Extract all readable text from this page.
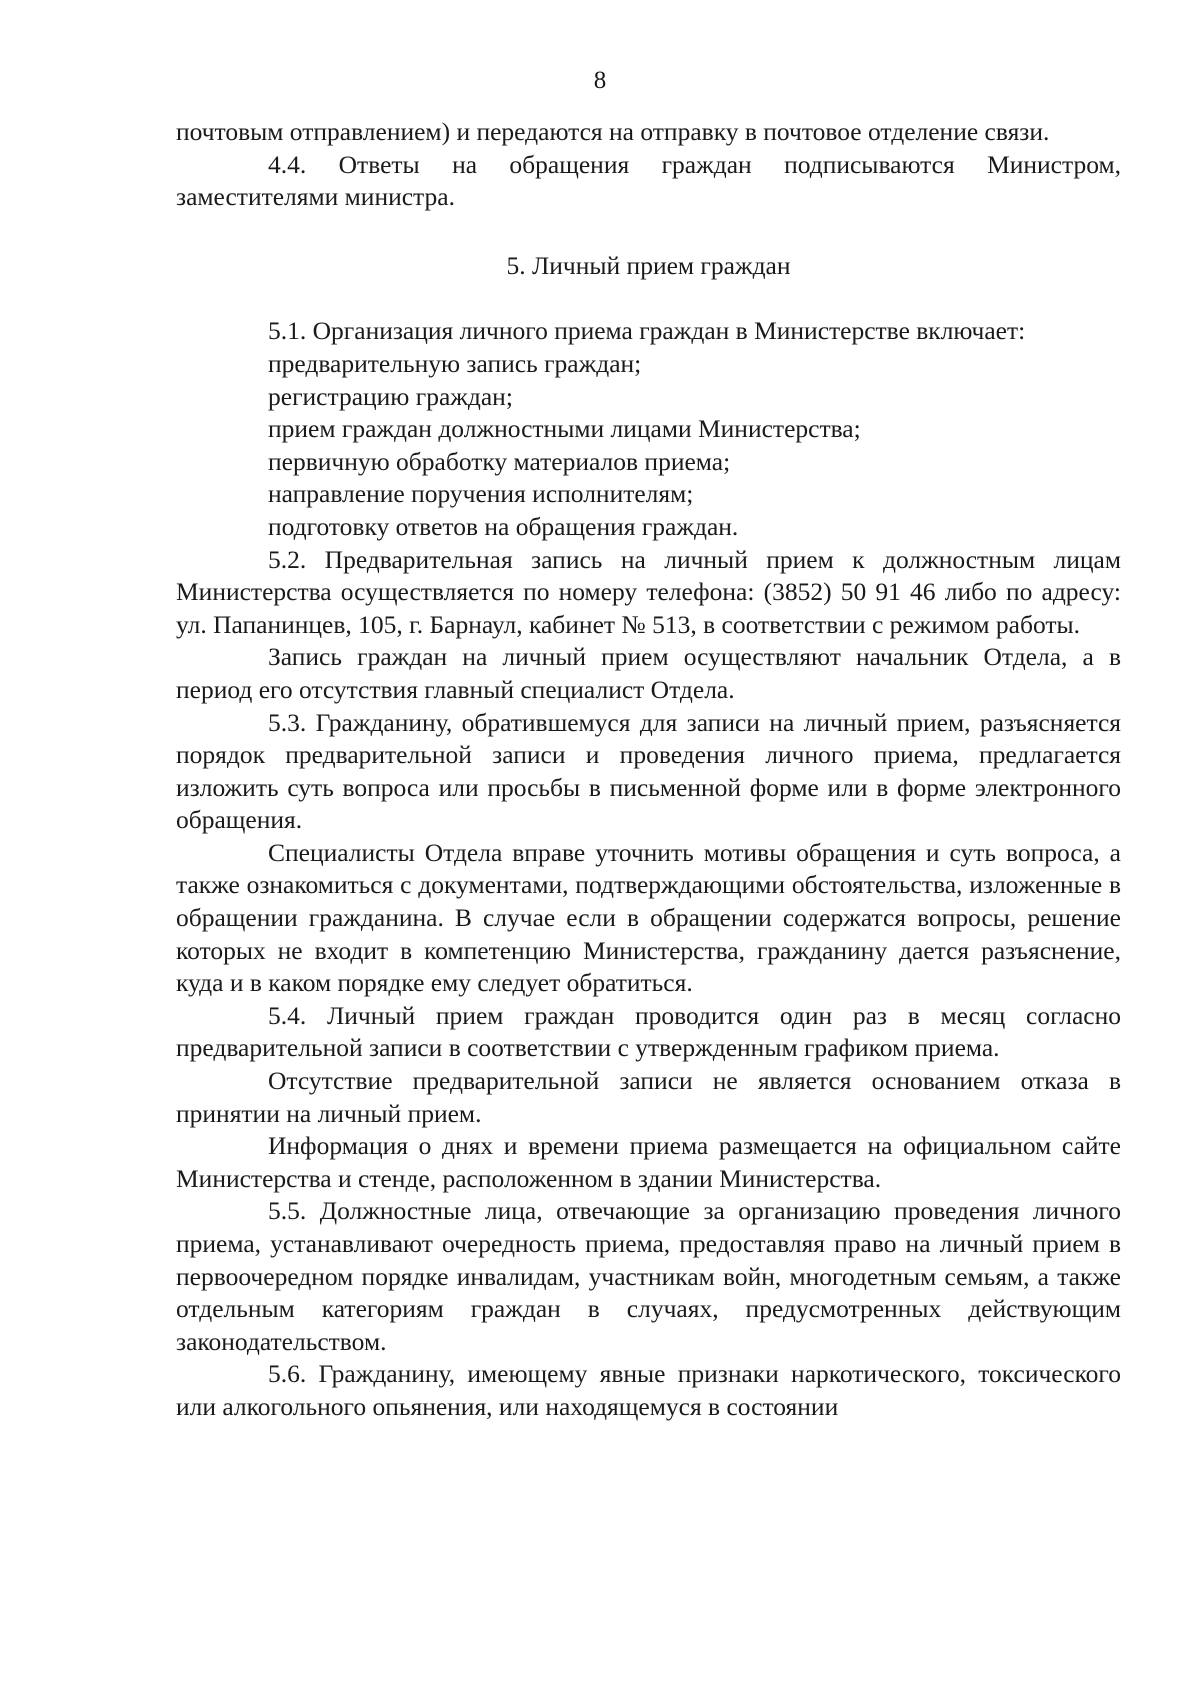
8

почтовым отправлением) и передаются на отправку в почтовое отделение связи.

4.4. Ответы на обращения граждан подписываются Министром, заместителями министра.

5. Личный прием граждан

5.1. Организация личного приема граждан в Министерстве включает:

предварительную запись граждан;

регистрацию граждан;

прием граждан должностными лицами Министерства;

первичную обработку материалов приема;

направление поручения исполнителям;

подготовку ответов на обращения граждан.

5.2. Предварительная запись на личный прием к должностным лицам Министерства осуществляется по номеру телефона: (3852) 50 91 46 либо по адресу: ул. Папанинцев, 105, г. Барнаул, кабинет № 513, в соответствии с режимом работы.

Запись граждан на личный прием осуществляют начальник Отдела, а в период его отсутствия главный специалист Отдела.

5.3. Гражданину, обратившемуся для записи на личный прием, разъясняется порядок предварительной записи и проведения личного приема, предлагается изложить суть вопроса или просьбы в письменной форме или в форме электронного обращения.

Специалисты Отдела вправе уточнить мотивы обращения и суть вопроса, а также ознакомиться с документами, подтверждающими обстоятельства, изложенные в обращении гражданина. В случае если в обращении содержатся вопросы, решение которых не входит в компетенцию Министерства, гражданину дается разъяснение, куда и в каком порядке ему следует обратиться.

5.4. Личный прием граждан проводится один раз в месяц согласно предварительной записи в соответствии с утвержденным графиком приема.

Отсутствие предварительной записи не является основанием отказа в принятии на личный прием.

Информация о днях и времени приема размещается на официальном сайте Министерства и стенде, расположенном в здании Министерства.

5.5. Должностные лица, отвечающие за организацию проведения личного приема, устанавливают очередность приема, предоставляя право на личный прием в первоочередном порядке инвалидам, участникам войн, многодетным семьям, а также отдельным категориям граждан в случаях, предусмотренных действующим законодательством.

5.6. Гражданину, имеющему явные признаки наркотического, токсического или алкогольного опьянения, или находящемуся в состоянии
